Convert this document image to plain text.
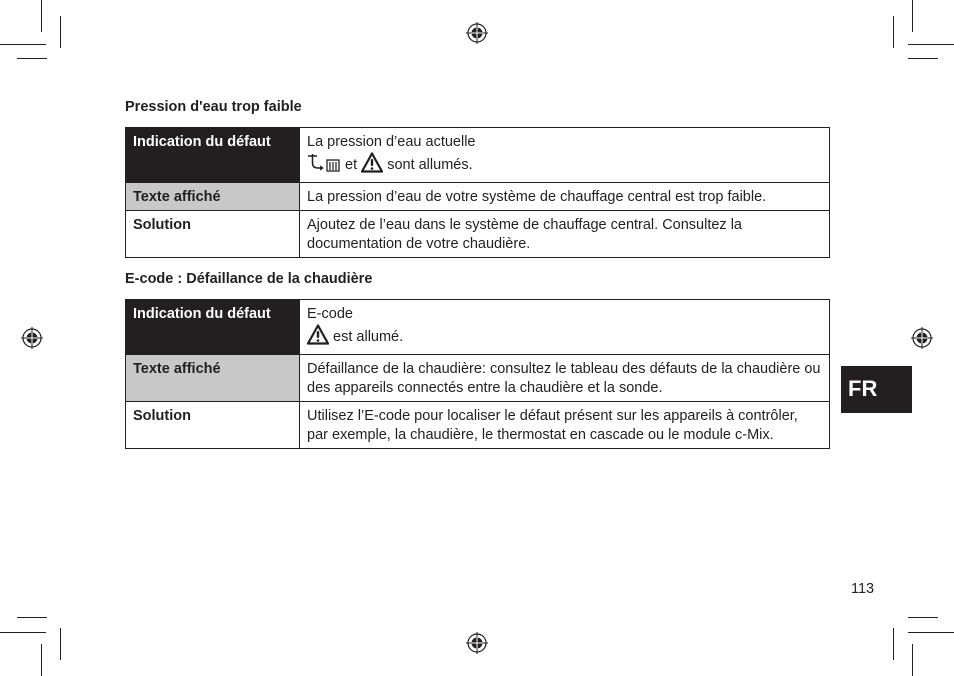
Pression d'eau trop faible
Indication du défaut	La pression d’eau actuelle
et sont allumés.

Texte affiché	La pression d’eau de votre système de chauffage central est trop faible.
Solution	Ajoutez de l’eau dans le système de chauffage central. Consultez la documentation de votre chaudière.
E-code : Défaillance de la chaudière
Indication du défaut	E-code
est allumé.

Texte affiché	Défaillance de la chaudière: consultez le tableau des défauts de la chaudière ou des appareils connectés entre la chaudière et la sonde.
Solution	Utilisez l’E-code pour localiser le défaut présent sur les appareils à contrôler, par exemple, la chaudière, le thermostat en cascade ou le module c-Mix.
FR
113
